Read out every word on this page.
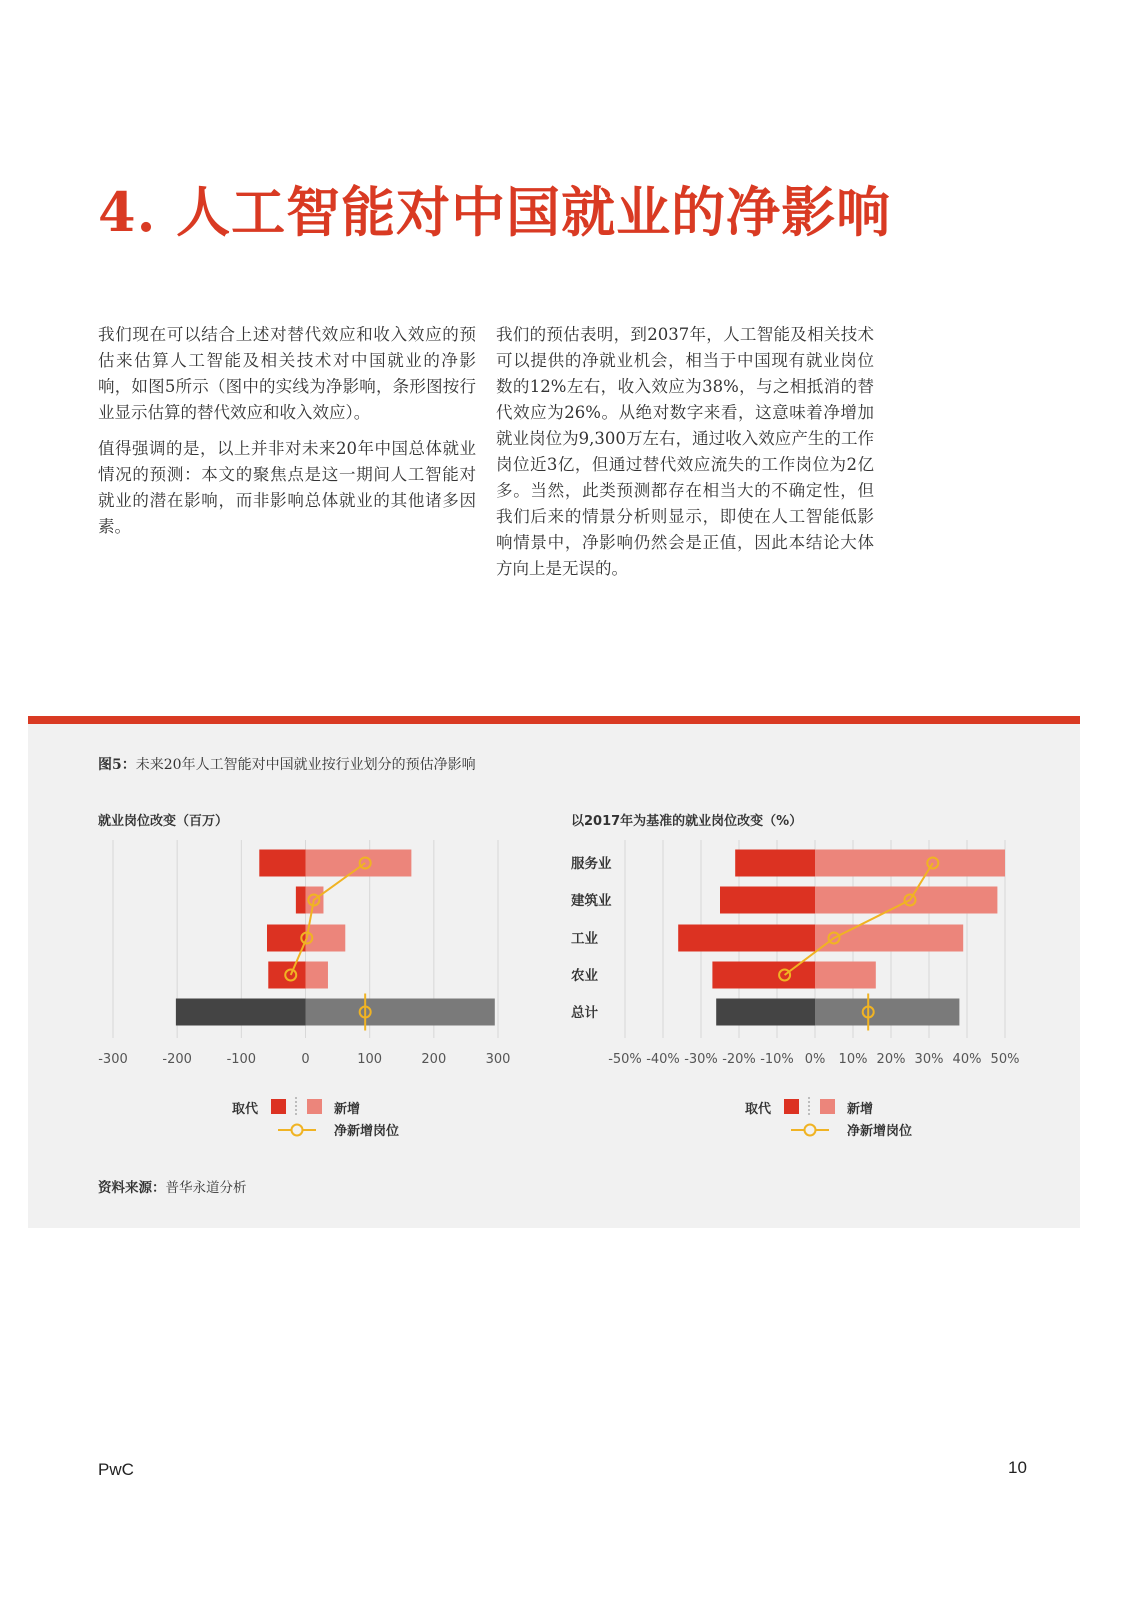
4. 人工智能对中国就业的净影响

我们现在可以结合上述对替代效应和收入效应的预估来估算人工智能及相关技术对中国就业的净影响，如图5所示（图中的实线为净影响，条形图按行业显示估算的替代效应和收入效应）。

值得强调的是，以上并非对未来20年中国总体就业情况的预测：本文的聚焦点是这一期间人工智能对就业的潜在影响，而非影响总体就业的其他诸多因素。

我们的预估表明，到2037年，人工智能及相关技术可以提供的净就业机会，相当于中国现有就业岗位数的12%左右，收入效应为38%，与之相抵消的替代效应为26%。从绝对数字来看，这意味着净增加就业岗位为9,300万左右，通过收入效应产生的工作岗位近3亿，但通过替代效应流失的工作岗位为2亿多。当然，此类预测都存在相当大的不确定性，但我们后来的情景分析则显示，即使在人工智能低影响情景中，净影响仍然会是正值，因此本结论大体方向上是无误的。

图5：未来20年人工智能对中国就业按行业划分的预估净影响
就业岗位改变（百万）	以2017年为基准的就业岗位改变（%）
-300	-200	-100	0	100	200	300
取代	新增
净新增岗位
-50% -40% -30% -20% -10% 0% 10% 20% 30% 40% 50%
服务业
建筑业
工业
农业
总计
取代	新增
净新增岗位
资料来源：普华永道分析
PwC	10
